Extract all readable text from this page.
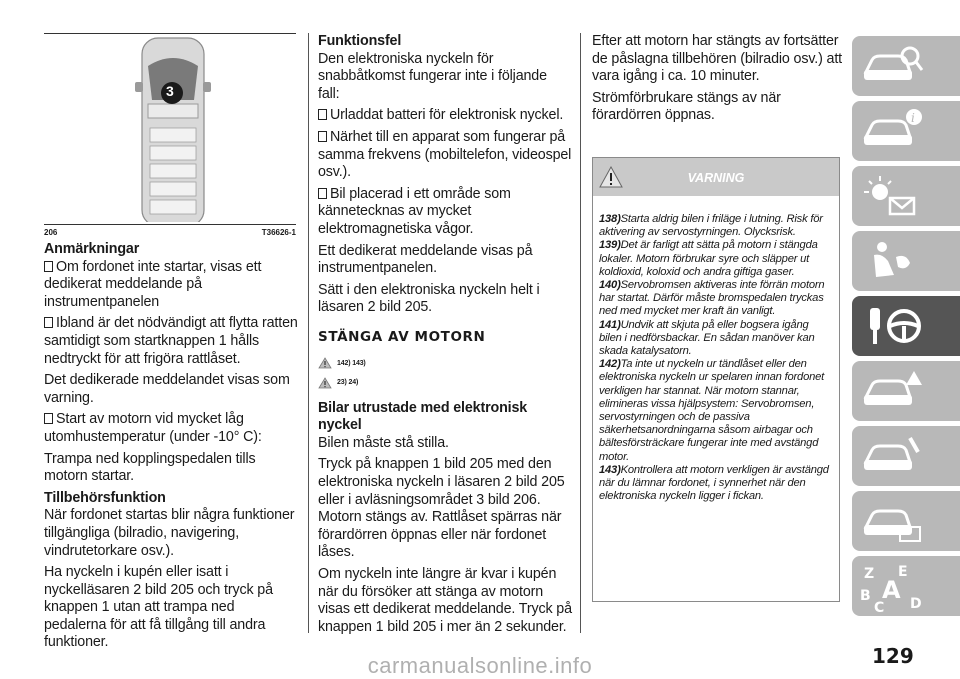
3
206	T36626-1
Anmärkningar

Om fordonet inte startar, visas ett dedikerat meddelande på instrumentpanelen

Ibland är det nödvändigt att flytta ratten samtidigt som startknappen 1 hålls nedtryckt för att frigöra rattlåset.

Det dedikerade meddelandet visas som varning.

Start av motorn vid mycket låg utomhustemperatur (under -10° C):

Trampa ned kopplingspedalen tills motorn startar.

Tillbehörsfunktion

När fordonet startas blir några funktioner tillgängliga (bilradio, navigering, vindrutetorkare osv.).

Ha nyckeln i kupén eller isatt i nyckelläsaren 2 bild 205 och tryck på knappen 1 utan att trampa ned pedalerna för att få tillgång till andra funktioner.

Funktionsfel

Den elektroniska nyckeln för snabbåtkomst fungerar inte i följande fall:

Urladdat batteri för elektronisk nyckel.

Närhet till en apparat som fungerar på samma frekvens (mobiltelefon, videospel osv.).

Bil placerad i ett område som kännetecknas av mycket elektromagnetiska vågor.

Ett dedikerat meddelande visas på instrumentpanelen.

Sätt i den elektroniska nyckeln helt i läsaren 2 bild 205.

STÄNGA AV MOTORN
142) 143)
23) 24)
Bilar utrustade med elektronisk nyckel

Bilen måste stå stilla.

Tryck på knappen 1 bild 205 med den elektroniska nyckeln i läsaren 2 bild 205 eller i avläsningsområdet 3 bild 206. Motorn stängs av. Rattlåset spärras när förardörren öppnas eller när fordonet låses.

Om nyckeln inte längre är kvar i kupén när du försöker att stänga av motorn visas ett dedikerat meddelande. Tryck på knappen 1 bild 205 i mer än 2 sekunder.

Efter att motorn har stängts av fortsätter de påslagna tillbehören (bilradio osv.) att vara igång i ca. 10 minuter.

Strömförbrukare stängs av när förardörren öppnas.

VARNING

138)Starta aldrig bilen i friläge i lutning. Risk för aktivering av servostyrningen. Olycksrisk.

139)Det är farligt att sätta på motorn i stängda lokaler. Motorn förbrukar syre och släpper ut koldioxid, koloxid och andra giftiga gaser.

140)Servobromsen aktiveras inte förrän motorn har startat. Därför måste bromspedalen tryckas ned med mycket mer kraft än vanligt.

141)Undvik att skjuta på eller bogsera igång bilen i nedförsbackar. En sådan manöver kan skada katalysatorn.

142)Ta inte ut nyckeln ur tändlåset eller den elektroniska nyckeln ur spelaren innan fordonet verkligen har stannat. När motorn stannar, elimineras vissa hjälpsystem: Servobromsen, servostyrningen och de passiva säkerhetsanordningarna såsom airbagar och bältesförsträckare fungerar inte med avstängd motor.

143)Kontrollera att motorn verkligen är avstängd när du lämnar fordonet, i synnerhet när den elektroniska nyckeln ligger i fickan.

i
Z E
B
C D
A
129
carmanualsonline.info
